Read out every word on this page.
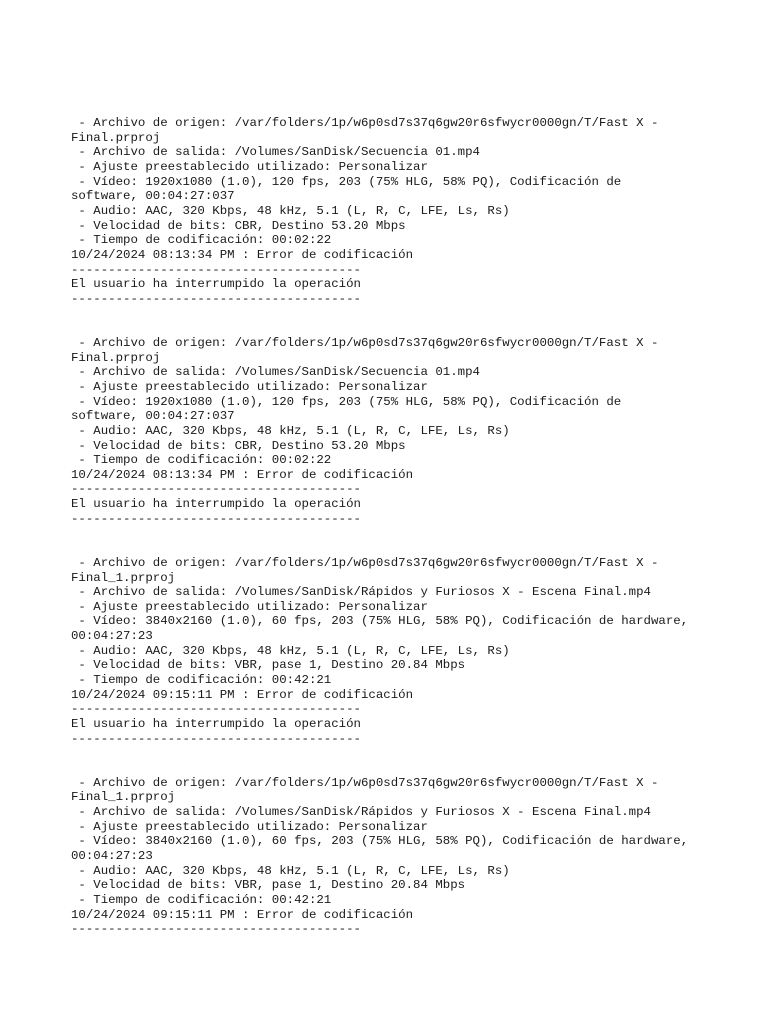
- Archivo de origen: /var/folders/1p/w6p0sd7s37q6gw20r6sfwycr0000gn/T/Fast X -
Final.prproj
- Archivo de salida: /Volumes/SanDisk/Secuencia 01.mp4
- Ajuste preestablecido utilizado: Personalizar
- Vídeo: 1920x1080 (1.0), 120 fps, 203 (75% HLG, 58% PQ), Codificación de
software, 00:04:27:037
- Audio: AAC, 320 Kbps, 48 kHz, 5.1 (L, R, C, LFE, Ls, Rs)
- Velocidad de bits: CBR, Destino 53.20 Mbps
- Tiempo de codificación: 00:02:22
10/24/2024 08:13:34 PM : Error de codificación
---------------------------------------
El usuario ha interrumpido la operación
---------------------------------------
- Archivo de origen: /var/folders/1p/w6p0sd7s37q6gw20r6sfwycr0000gn/T/Fast X -
Final.prproj
- Archivo de salida: /Volumes/SanDisk/Secuencia 01.mp4
- Ajuste preestablecido utilizado: Personalizar
- Vídeo: 1920x1080 (1.0), 120 fps, 203 (75% HLG, 58% PQ), Codificación de
software, 00:04:27:037
- Audio: AAC, 320 Kbps, 48 kHz, 5.1 (L, R, C, LFE, Ls, Rs)
- Velocidad de bits: CBR, Destino 53.20 Mbps
- Tiempo de codificación: 00:02:22
10/24/2024 08:13:34 PM : Error de codificación
---------------------------------------
El usuario ha interrumpido la operación
---------------------------------------
- Archivo de origen: /var/folders/1p/w6p0sd7s37q6gw20r6sfwycr0000gn/T/Fast X -
Final_1.prproj
- Archivo de salida: /Volumes/SanDisk/Rápidos y Furiosos X - Escena Final.mp4
- Ajuste preestablecido utilizado: Personalizar
- Vídeo: 3840x2160 (1.0), 60 fps, 203 (75% HLG, 58% PQ), Codificación de hardware,
00:04:27:23
- Audio: AAC, 320 Kbps, 48 kHz, 5.1 (L, R, C, LFE, Ls, Rs)
- Velocidad de bits: VBR, pase 1, Destino 20.84 Mbps
- Tiempo de codificación: 00:42:21
10/24/2024 09:15:11 PM : Error de codificación
---------------------------------------
El usuario ha interrumpido la operación
---------------------------------------
- Archivo de origen: /var/folders/1p/w6p0sd7s37q6gw20r6sfwycr0000gn/T/Fast X -
Final_1.prproj
- Archivo de salida: /Volumes/SanDisk/Rápidos y Furiosos X - Escena Final.mp4
- Ajuste preestablecido utilizado: Personalizar
- Vídeo: 3840x2160 (1.0), 60 fps, 203 (75% HLG, 58% PQ), Codificación de hardware,
00:04:27:23
- Audio: AAC, 320 Kbps, 48 kHz, 5.1 (L, R, C, LFE, Ls, Rs)
- Velocidad de bits: VBR, pase 1, Destino 20.84 Mbps
- Tiempo de codificación: 00:42:21
10/24/2024 09:15:11 PM : Error de codificación
---------------------------------------
